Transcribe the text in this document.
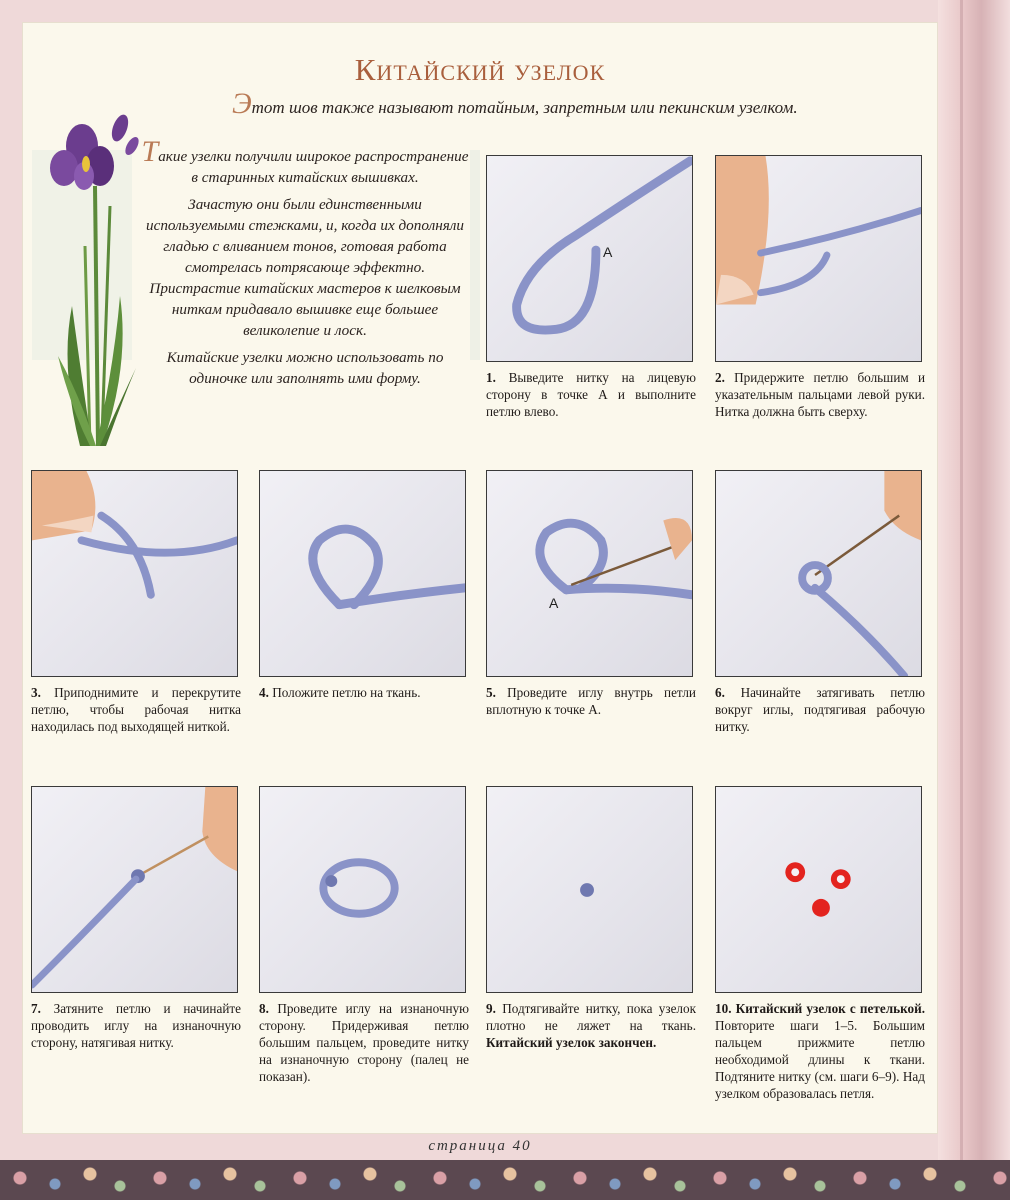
Китайский узелок
Этот шов также называют потайным, запретным или пекинским узелком.

Такие узелки получили широкое распространение в старинных китайских вышивках.

Зачастую они были единственными используемыми стежками, и, когда их дополняли гладью с вливанием тонов, готовая работа смотрелась потрясающе эффектно. Пристрастие китайских мастеров к шелковым ниткам придавало вышивке еще большее великолепие и лоск.

Китайские узелки можно использовать по одиночке или заполнять ими форму.

A
1. Выведите нитку на лицевую сторону в точке А и выполните петлю влево.
2. Придержите петлю большим и указательным пальцами левой руки. Нитка должна быть сверху.
3. Приподнимите и перекрутите петлю, чтобы рабочая нитка находилась под выходящей ниткой.
4. Положите петлю на ткань.
A
5. Проведите иглу внутрь петли вплотную к точке А.
6. Начинайте затягивать петлю вокруг иглы, подтягивая рабочую нитку.
7. Затяните петлю и начинайте проводить иглу на изнаночную сторону, натягивая нитку.
8. Проведите иглу на изнаночную сторону. Придерживая петлю большим пальцем, проведите нитку на изнаночную сторону (палец не показан).
9. Подтягивайте нитку, пока узелок плотно не ляжет на ткань. Китайский узелок закончен.
10. Китайский узелок с петелькой. Повторите шаги 1–5. Большим пальцем прижмите петлю необходимой длины к ткани. Подтяните нитку (см. шаги 6–9). Над узелком образовалась петля.
страница 40
